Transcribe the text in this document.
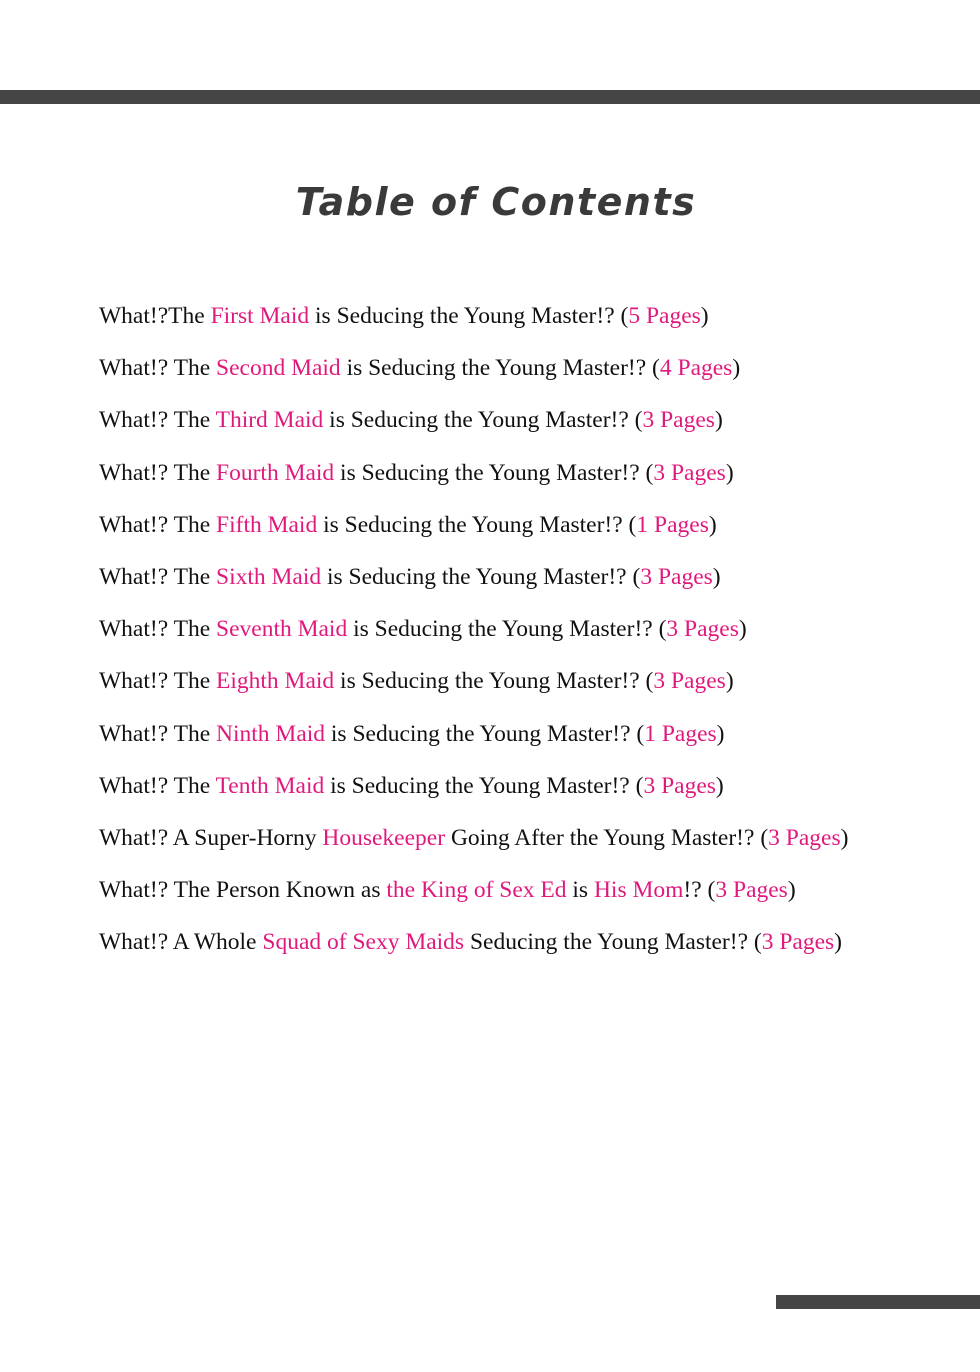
Table of Contents
What!?The First Maid is Seducing the Young Master!? (5 Pages)
What!? The Second Maid is Seducing the Young Master!? (4 Pages)
What!? The Third Maid is Seducing the Young Master!? (3 Pages)
What!? The Fourth Maid is Seducing the Young Master!? (3 Pages)
What!? The Fifth Maid is Seducing the Young Master!? (1 Pages)
What!? The Sixth Maid is Seducing the Young Master!? (3 Pages)
What!? The Seventh Maid is Seducing the Young Master!? (3 Pages)
What!? The Eighth Maid is Seducing the Young Master!? (3 Pages)
What!? The Ninth Maid is Seducing the Young Master!? (1 Pages)
What!? The Tenth Maid is Seducing the Young Master!? (3 Pages)
What!? A Super-Horny Housekeeper Going After the Young Master!? (3 Pages)
What!? The Person Known as the King of Sex Ed is His Mom!? (3 Pages)
What!? A Whole Squad of Sexy Maids Seducing the Young Master!? (3 Pages)
